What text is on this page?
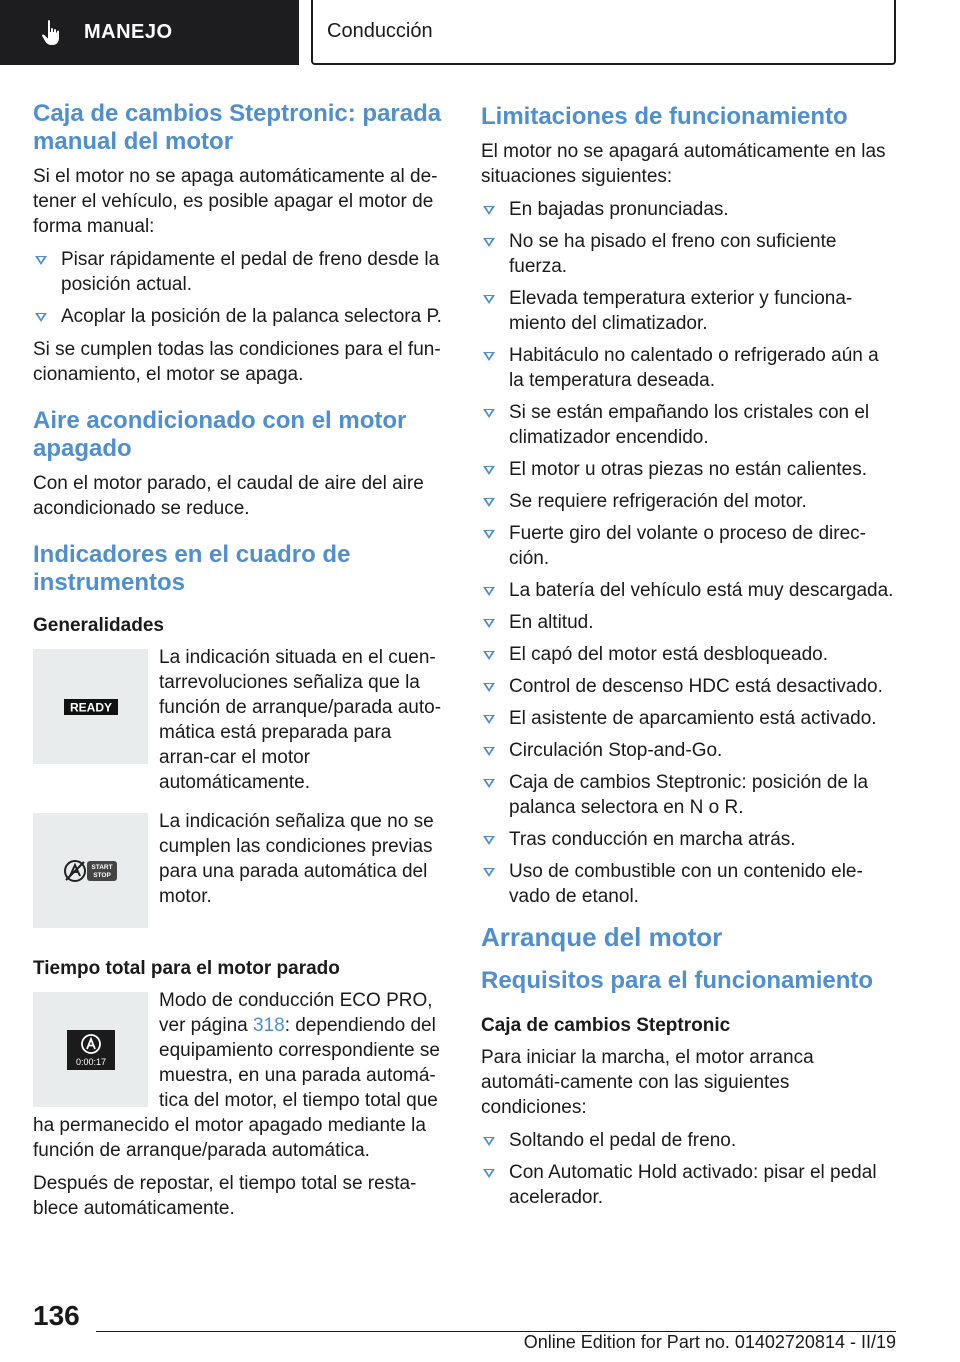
MANEJO	Conducción
Caja de cambios Steptronic: parada manual del motor

Si el motor no se apaga automáticamente al de-tener el vehículo, es posible apagar el motor de forma manual:

Pisar rápidamente el pedal de freno desde la posición actual.
Acoplar la posición de la palanca selectora P.

Si se cumplen todas las condiciones para el fun-cionamiento, el motor se apaga.

Aire acondicionado con el motor apagado

Con el motor parado, el caudal de aire del aire acondicionado se reduce.

Indicadores en el cuadro de instrumentos
Generalidades
READY
La indicación situada en el cuen-tarrevoluciones señaliza que la función de arranque/parada auto-mática está preparada para arran-car el motor automáticamente.
START
STOP
La indicación señaliza que no se cumplen las condiciones previas para una parada automática del motor.
Tiempo total para el motor parado
0:00:17
Modo de conducción ECO PRO, ver página 318: dependiendo del equipamiento correspondiente se muestra, en una parada automá-tica del motor, el tiempo total que ha permanecido el motor apagado mediante la función de arranque/parada automática.

Después de repostar, el tiempo total se resta-blece automáticamente.

Limitaciones de funcionamiento

El motor no se apagará automáticamente en las situaciones siguientes:

En bajadas pronunciadas.
No se ha pisado el freno con suficiente fuerza.
Elevada temperatura exterior y funciona-miento del climatizador.
Habitáculo no calentado o refrigerado aún a la temperatura deseada.
Si se están empañando los cristales con el climatizador encendido.
El motor u otras piezas no están calientes.
Se requiere refrigeración del motor.
Fuerte giro del volante o proceso de direc-ción.
La batería del vehículo está muy descargada.
En altitud.
El capó del motor está desbloqueado.
Control de descenso HDC está desactivado.
El asistente de aparcamiento está activado.
Circulación Stop-and-Go.
Caja de cambios Steptronic: posición de la palanca selectora en N o R.
Tras conducción en marcha atrás.
Uso de combustible con un contenido ele-vado de etanol.
Arranque del motor
Requisitos para el funcionamiento
Caja de cambios Steptronic

Para iniciar la marcha, el motor arranca automáti-camente con las siguientes condiciones:

Soltando el pedal de freno.
Con Automatic Hold activado: pisar el pedal acelerador.
136
Online Edition for Part no. 01402720814 - II/19
